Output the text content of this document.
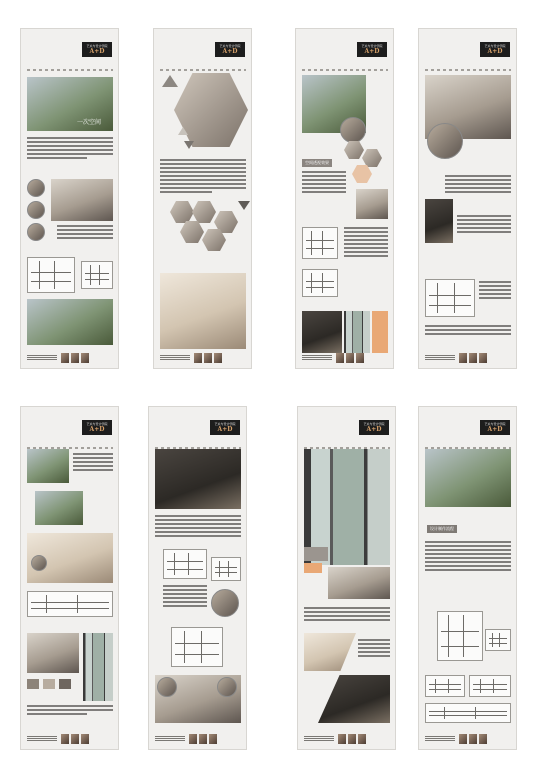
艺术与设计学院
A+D
一次空间
艺术与设计学院
A+D
艺术与设计学院
A+D
空间透视效果
艺术与设计学院
A+D
艺术与设计学院
A+D
艺术与设计学院
A+D
艺术与设计学院
A+D
艺术与设计学院
A+D
设计制作流程
